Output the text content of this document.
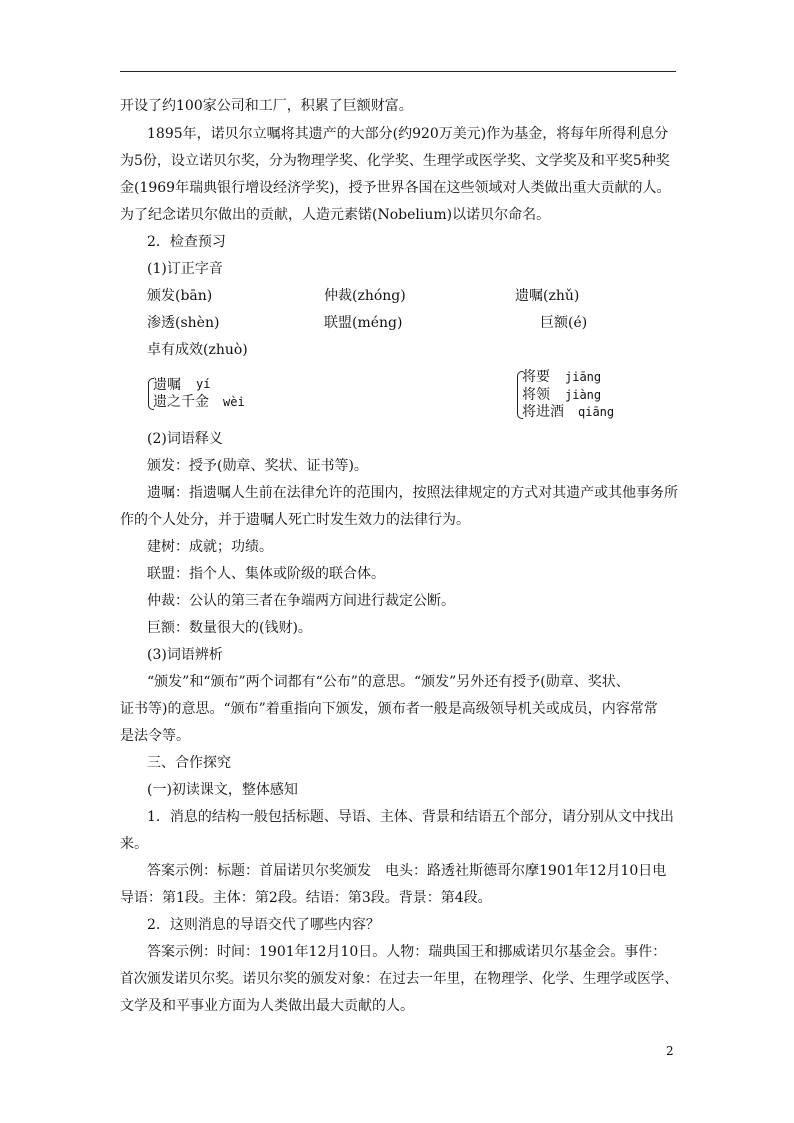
开设了约100家公司和工厂，积累了巨额财富。
1895年，诺贝尔立嘱将其遗产的大部分(约920万美元)作为基金，将每年所得利息分
为5份，设立诺贝尔奖，分为物理学奖、化学奖、生理学或医学奖、文学奖及和平奖5种奖
金(1969年瑞典银行增设经济学奖)，授予世界各国在这些领域对人类做出重大贡献的人。
为了纪念诺贝尔做出的贡献，人造元素锘(Nobelium)以诺贝尔命名。
2．检查预习
(1)订正字音
颁发(bān)	仲裁(zhóng)	遗嘱(zhǔ)
渗透(shèn)	联盟(méng)	巨额(é)
卓有成效(zhuò)
遗嘱 yí
遗之千金 wèi
将要 jiāng
将领 jiàng
将进酒 qiāng
(2)词语释义
颁发：授予(勋章、奖状、证书等)。
遗嘱：指遗嘱人生前在法律允许的范围内，按照法律规定的方式对其遗产或其他事务所
作的个人处分，并于遗嘱人死亡时发生效力的法律行为。
建树：成就；功绩。
联盟：指个人、集体或阶级的联合体。
仲裁：公认的第三者在争端两方间进行裁定公断。
巨额：数量很大的(钱财)。
(3)词语辨析
“颁发”和“颁布”两个词都有“公布”的意思。“颁发”另外还有授予(勋章、奖状、
证书等)的意思。“颁布”着重指向下颁发，颁布者一般是高级领导机关或成员，内容常常
是法令等。
三、合作探究
(一)初读课文，整体感知
1．消息的结构一般包括标题、导语、主体、背景和结语五个部分，请分别从文中找出
来。
答案示例：标题：首届诺贝尔奖颁发　电头：路透社斯德哥尔摩1901年12月10日电
导语：第1段。主体：第2段。结语：第3段。背景：第4段。
2．这则消息的导语交代了哪些内容？
答案示例：时间：1901年12月10日。人物：瑞典国王和挪威诺贝尔基金会。事件：
首次颁发诺贝尔奖。诺贝尔奖的颁发对象：在过去一年里，在物理学、化学、生理学或医学、
文学及和平事业方面为人类做出最大贡献的人。
2
